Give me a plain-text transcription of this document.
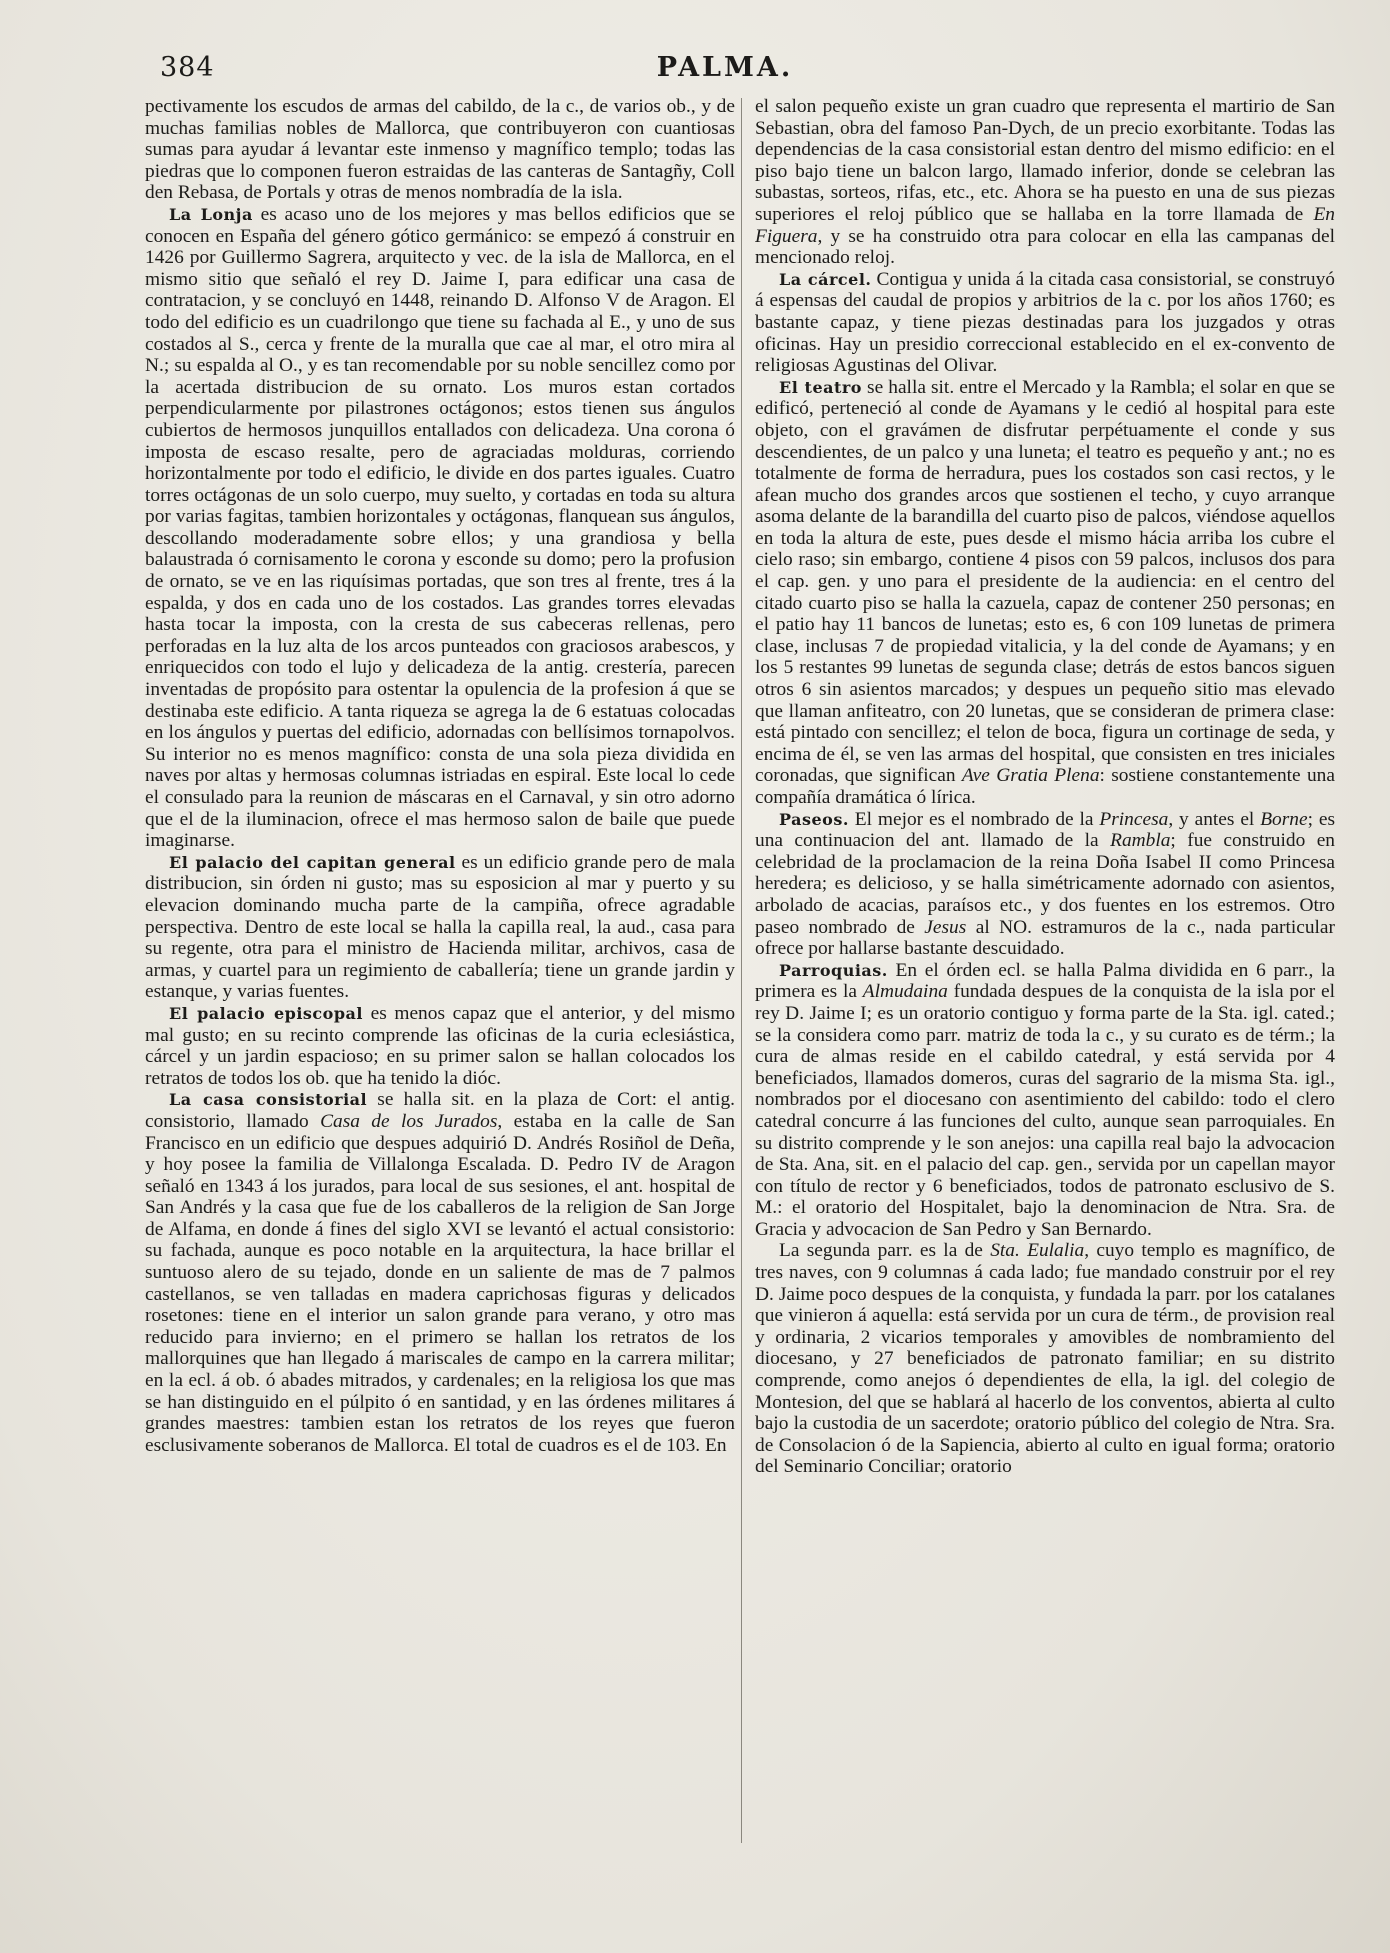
384	PALMA.

pectivamente los escudos de armas del cabildo, de la c., de varios ob., y de muchas familias nobles de Mallorca, que contribuyeron con cuantiosas sumas para ayudar á levantar este inmenso y magnífico templo; todas las piedras que lo componen fueron estraidas de las canteras de Santagñy, Coll den Rebasa, de Portals y otras de menos nombradía de la isla.

La Lonja es acaso uno de los mejores y mas bellos edificios que se conocen en España del género gótico germánico: se empezó á construir en 1426 por Guillermo Sagrera, arquitecto y vec. de la isla de Mallorca, en el mismo sitio que señaló el rey D. Jaime I, para edificar una casa de contratacion, y se concluyó en 1448, reinando D. Alfonso V de Aragon. El todo del edificio es un cuadrilongo que tiene su fachada al E., y uno de sus costados al S., cerca y frente de la muralla que cae al mar, el otro mira al N.; su espalda al O., y es tan recomendable por su noble sencillez como por la acertada distribucion de su ornato. Los muros estan cortados perpendicularmente por pilastrones octágonos; estos tienen sus ángulos cubiertos de hermosos junquillos entallados con delicadeza. Una corona ó imposta de escaso resalte, pero de agraciadas molduras, corriendo horizontalmente por todo el edificio, le divide en dos partes iguales. Cuatro torres octágonas de un solo cuerpo, muy suelto, y cortadas en toda su altura por varias fagitas, tambien horizontales y octágonas, flanquean sus ángulos, descollando moderadamente sobre ellos; y una grandiosa y bella balaustrada ó cornisamento le corona y esconde su domo; pero la profusion de ornato, se ve en las riquísimas portadas, que son tres al frente, tres á la espalda, y dos en cada uno de los costados. Las grandes torres elevadas hasta tocar la imposta, con la cresta de sus cabeceras rellenas, pero perforadas en la luz alta de los arcos punteados con graciosos arabescos, y enriquecidos con todo el lujo y delicadeza de la antig. crestería, parecen inventadas de propósito para ostentar la opulencia de la profesion á que se destinaba este edificio. A tanta riqueza se agrega la de 6 estatuas colocadas en los ángulos y puertas del edificio, adornadas con bellísimos tornapolvos. Su interior no es menos magnífico: consta de una sola pieza dividida en naves por altas y hermosas columnas istriadas en espiral. Este local lo cede el consulado para la reunion de máscaras en el Carnaval, y sin otro adorno que el de la iluminacion, ofrece el mas hermoso salon de baile que puede imaginarse.

El palacio del capitan general es un edificio grande pero de mala distribucion, sin órden ni gusto; mas su esposicion al mar y puerto y su elevacion dominando mucha parte de la campiña, ofrece agradable perspectiva. Dentro de este local se halla la capilla real, la aud., casa para su regente, otra para el ministro de Hacienda militar, archivos, casa de armas, y cuartel para un regimiento de caballería; tiene un grande jardin y estanque, y varias fuentes.

El palacio episcopal es menos capaz que el anterior, y del mismo mal gusto; en su recinto comprende las oficinas de la curia eclesiástica, cárcel y un jardin espacioso; en su primer salon se hallan colocados los retratos de todos los ob. que ha tenido la dióc.

La casa consistorial se halla sit. en la plaza de Cort: el antig. consistorio, llamado Casa de los Jurados, estaba en la calle de San Francisco en un edificio que despues adquirió D. Andrés Rosiñol de Deña, y hoy posee la familia de Villalonga Escalada. D. Pedro IV de Aragon señaló en 1343 á los jurados, para local de sus sesiones, el ant. hospital de San Andrés y la casa que fue de los caballeros de la religion de San Jorge de Alfama, en donde á fines del siglo XVI se levantó el actual consistorio: su fachada, aunque es poco notable en la arquitectura, la hace brillar el suntuoso alero de su tejado, donde en un saliente de mas de 7 palmos castellanos, se ven talladas en madera caprichosas figuras y delicados rosetones: tiene en el interior un salon grande para verano, y otro mas reducido para invierno; en el primero se hallan los retratos de los mallorquines que han llegado á mariscales de campo en la carrera militar; en la ecl. á ob. ó abades mitrados, y cardenales; en la religiosa los que mas se han distinguido en el púlpito ó en santidad, y en las órdenes militares á grandes maestres: tambien estan los retratos de los reyes que fueron esclusivamente soberanos de Mallorca. El total de cuadros es el de 103. En

el salon pequeño existe un gran cuadro que representa el martirio de San Sebastian, obra del famoso Pan-Dych, de un precio exorbitante. Todas las dependencias de la casa consistorial estan dentro del mismo edificio: en el piso bajo tiene un balcon largo, llamado inferior, donde se celebran las subastas, sorteos, rifas, etc., etc. Ahora se ha puesto en una de sus piezas superiores el reloj público que se hallaba en la torre llamada de En Figuera, y se ha construido otra para colocar en ella las campanas del mencionado reloj.

La cárcel. Contigua y unida á la citada casa consistorial, se construyó á espensas del caudal de propios y arbitrios de la c. por los años 1760; es bastante capaz, y tiene piezas destinadas para los juzgados y otras oficinas. Hay un presidio correccional establecido en el ex-convento de religiosas Agustinas del Olivar.

El teatro se halla sit. entre el Mercado y la Rambla; el solar en que se edificó, perteneció al conde de Ayamans y le cedió al hospital para este objeto, con el gravámen de disfrutar perpétuamente el conde y sus descendientes, de un palco y una luneta; el teatro es pequeño y ant.; no es totalmente de forma de herradura, pues los costados son casi rectos, y le afean mucho dos grandes arcos que sostienen el techo, y cuyo arranque asoma delante de la barandilla del cuarto piso de palcos, viéndose aquellos en toda la altura de este, pues desde el mismo hácia arriba los cubre el cielo raso; sin embargo, contiene 4 pisos con 59 palcos, inclusos dos para el cap. gen. y uno para el presidente de la audiencia: en el centro del citado cuarto piso se halla la cazuela, capaz de contener 250 personas; en el patio hay 11 bancos de lunetas; esto es, 6 con 109 lunetas de primera clase, inclusas 7 de propiedad vitalicia, y la del conde de Ayamans; y en los 5 restantes 99 lunetas de segunda clase; detrás de estos bancos siguen otros 6 sin asientos marcados; y despues un pequeño sitio mas elevado que llaman anfiteatro, con 20 lunetas, que se consideran de primera clase: está pintado con sencillez; el telon de boca, figura un cortinage de seda, y encima de él, se ven las armas del hospital, que consisten en tres iniciales coronadas, que significan Ave Gratia Plena: sostiene constantemente una compañía dramática ó lírica.

Paseos. El mejor es el nombrado de la Princesa, y antes el Borne; es una continuacion del ant. llamado de la Rambla; fue construido en celebridad de la proclamacion de la reina Doña Isabel II como Princesa heredera; es delicioso, y se halla simétricamente adornado con asientos, arbolado de acacias, paraísos etc., y dos fuentes en los estremos. Otro paseo nombrado de Jesus al NO. estramuros de la c., nada particular ofrece por hallarse bastante descuidado.

Parroquias. En el órden ecl. se halla Palma dividida en 6 parr., la primera es la Almudaina fundada despues de la conquista de la isla por el rey D. Jaime I; es un oratorio contiguo y forma parte de la Sta. igl. cated.; se la considera como parr. matriz de toda la c., y su curato es de térm.; la cura de almas reside en el cabildo catedral, y está servida por 4 beneficiados, llamados domeros, curas del sagrario de la misma Sta. igl., nombrados por el diocesano con asentimiento del cabildo: todo el clero catedral concurre á las funciones del culto, aunque sean parroquiales. En su distrito comprende y le son anejos: una capilla real bajo la advocacion de Sta. Ana, sit. en el palacio del cap. gen., servida por un capellan mayor con título de rector y 6 beneficiados, todos de patronato esclusivo de S. M.: el oratorio del Hospitalet, bajo la denominacion de Ntra. Sra. de Gracia y advocacion de San Pedro y San Bernardo.

La segunda parr. es la de Sta. Eulalia, cuyo templo es magnífico, de tres naves, con 9 columnas á cada lado; fue mandado construir por el rey D. Jaime poco despues de la conquista, y fundada la parr. por los catalanes que vinieron á aquella: está servida por un cura de térm., de provision real y ordinaria, 2 vicarios temporales y amovibles de nombramiento del diocesano, y 27 beneficiados de patronato familiar; en su distrito comprende, como anejos ó dependientes de ella, la igl. del colegio de Montesion, del que se hablará al hacerlo de los conventos, abierta al culto bajo la custodia de un sacerdote; oratorio público del colegio de Ntra. Sra. de Consolacion ó de la Sapiencia, abierto al culto en igual forma; oratorio del Seminario Conciliar; oratorio
